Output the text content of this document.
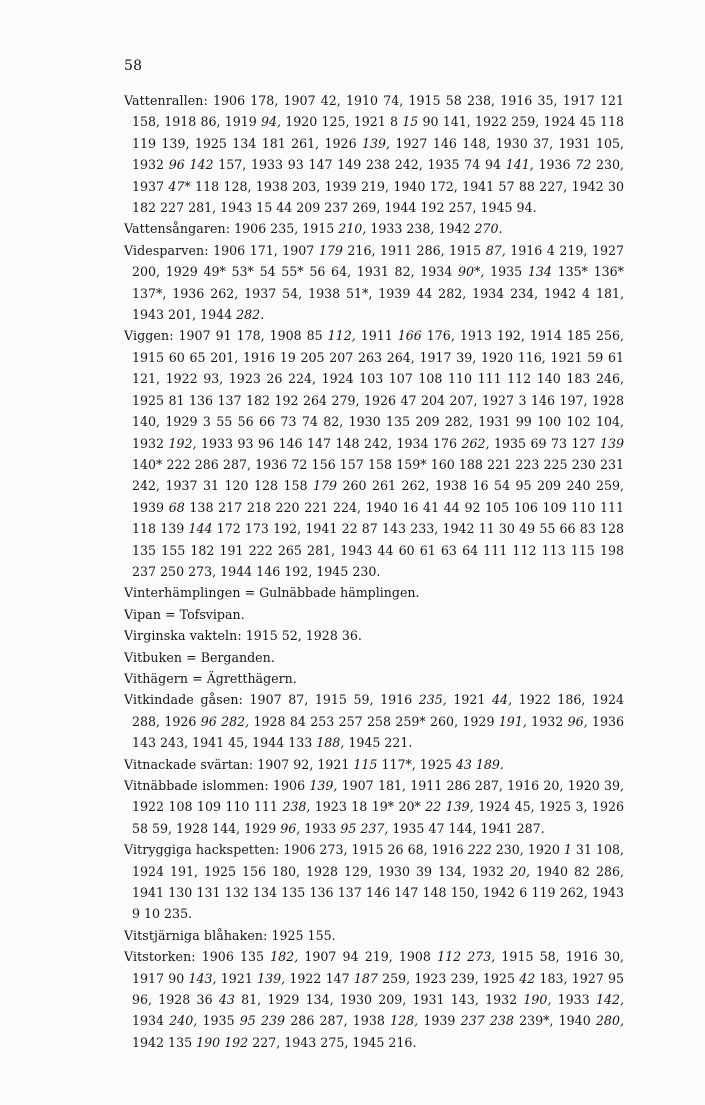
58

Vattenrallen: 1906 178, 1907 42, 1910 74, 1915 58 238, 1916 35, 1917 121 158, 1918 86, 1919 94, 1920 125, 1921 8 15 90 141, 1922 259, 1924 45 118 119 139, 1925 134 181 261, 1926 139, 1927 146 148, 1930 37, 1931 105, 1932 96 142 157, 1933 93 147 149 238 242, 1935 74 94 141, 1936 72 230, 1937 47* 118 128, 1938 203, 1939 219, 1940 172, 1941 57 88 227, 1942 30 182 227 281, 1943 15 44 209 237 269, 1944 192 257, 1945 94.

Vattensångaren: 1906 235, 1915 210, 1933 238, 1942 270.

Videsparven: 1906 171, 1907 179 216, 1911 286, 1915 87, 1916 4 219, 1927 200, 1929 49* 53* 54 55* 56 64, 1931 82, 1934 90*, 1935 134 135* 136* 137*, 1936 262, 1937 54, 1938 51*, 1939 44 282, 1934 234, 1942 4 181, 1943 201, 1944 282.

Viggen: 1907 91 178, 1908 85 112, 1911 166 176, 1913 192, 1914 185 256, 1915 60 65 201, 1916 19 205 207 263 264, 1917 39, 1920 116, 1921 59 61 121, 1922 93, 1923 26 224, 1924 103 107 108 110 111 112 140 183 246, 1925 81 136 137 182 192 264 279, 1926 47 204 207, 1927 3 146 197, 1928 140, 1929 3 55 56 66 73 74 82, 1930 135 209 282, 1931 99 100 102 104, 1932 192, 1933 93 96 146 147 148 242, 1934 176 262, 1935 69 73 127 139 140* 222 286 287, 1936 72 156 157 158 159* 160 188 221 223 225 230 231 242, 1937 31 120 128 158 179 260 261 262, 1938 16 54 95 209 240 259, 1939 68 138 217 218 220 221 224, 1940 16 41 44 92 105 106 109 110 111 118 139 144 172 173 192, 1941 22 87 143 233, 1942 11 30 49 55 66 83 128 135 155 182 191 222 265 281, 1943 44 60 61 63 64 111 112 113 115 198 237 250 273, 1944 146 192, 1945 230.

Vinterhämplingen = Gulnäbbade hämplingen.

Vipan = Tofsvipan.

Virginska vakteln: 1915 52, 1928 36.

Vitbuken = Berganden.

Vithägern = Ägretthägern.

Vitkindade gåsen: 1907 87, 1915 59, 1916 235, 1921 44, 1922 186, 1924 288, 1926 96 282, 1928 84 253 257 258 259* 260, 1929 191, 1932 96, 1936 143 243, 1941 45, 1944 133 188, 1945 221.

Vitnackade svärtan: 1907 92, 1921 115 117*, 1925 43 189.

Vitnäbbade islommen: 1906 139, 1907 181, 1911 286 287, 1916 20, 1920 39, 1922 108 109 110 111 238, 1923 18 19* 20* 22 139, 1924 45, 1925 3, 1926 58 59, 1928 144, 1929 96, 1933 95 237, 1935 47 144, 1941 287.

Vitryggiga hackspetten: 1906 273, 1915 26 68, 1916 222 230, 1920 1 31 108, 1924 191, 1925 156 180, 1928 129, 1930 39 134, 1932 20, 1940 82 286, 1941 130 131 132 134 135 136 137 146 147 148 150, 1942 6 119 262, 1943 9 10 235.

Vitstjärniga blåhaken: 1925 155.

Vitstorken: 1906 135 182, 1907 94 219, 1908 112 273, 1915 58, 1916 30, 1917 90 143, 1921 139, 1922 147 187 259, 1923 239, 1925 42 183, 1927 95 96, 1928 36 43 81, 1929 134, 1930 209, 1931 143, 1932 190, 1933 142, 1934 240, 1935 95 239 286 287, 1938 128, 1939 237 238 239*, 1940 280, 1942 135 190 192 227, 1943 275, 1945 216.
